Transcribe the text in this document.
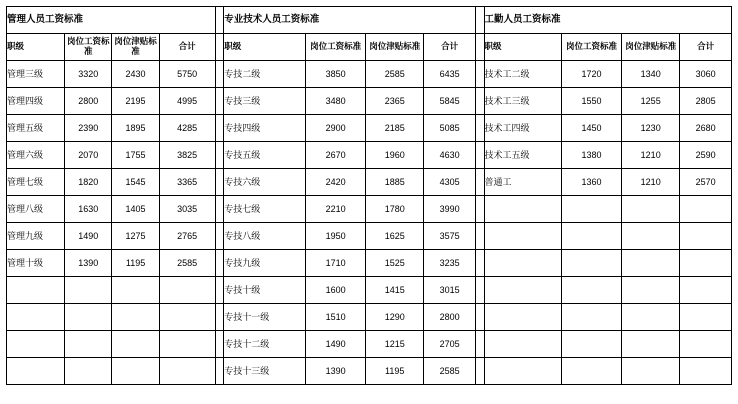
管理人员工资标准					专业技术人员工资标准					工勤人员工资标准			
职级	岗位工资标准	岗位津贴标准	合计		职级	岗位工资标准	岗位津贴标准	合计		职级	岗位工资标准	岗位津贴标准	合计
管理三级	3320	2430	5750		专技二级	3850	2585	6435		技术工二级	1720	1340	3060
管理四级	2800	2195	4995		专技三级	3480	2365	5845		技术工三级	1550	1255	2805
管理五级	2390	1895	4285		专技四级	2900	2185	5085		技术工四级	1450	1230	2680
管理六级	2070	1755	3825		专技五级	2670	1960	4630		技术工五级	1380	1210	2590
管理七级	1820	1545	3365		专技六级	2420	1885	4305		普通工	1360	1210	2570
管理八级	1630	1405	3035		专技七级	2210	1780	3990					
管理九级	1490	1275	2765		专技八级	1950	1625	3575					
管理十级	1390	1195	2585		专技九级	1710	1525	3235					
					专技十级	1600	1415	3015					
					专技十一级	1510	1290	2800					
					专技十二级	1490	1215	2705					
					专技十三级	1390	1195	2585					
